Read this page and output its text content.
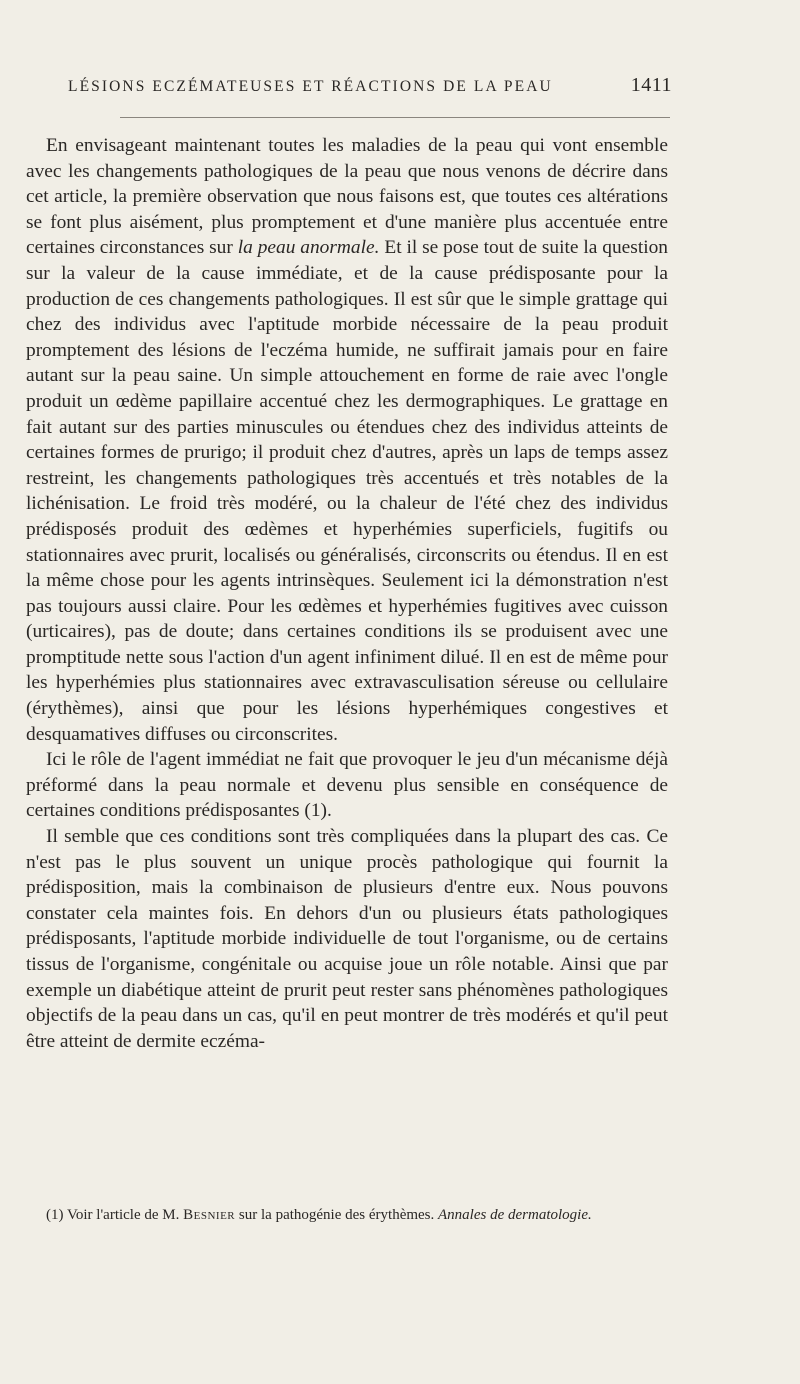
LÉSIONS ECZÉMATEUSES ET RÉACTIONS DE LA PEAU	1411

En envisageant maintenant toutes les maladies de la peau qui vont ensemble avec les changements pathologiques de la peau que nous venons de décrire dans cet article, la première observation que nous faisons est, que toutes ces altérations se font plus aisément, plus promptement et d'une manière plus accentuée entre certaines circonstances sur la peau anormale. Et il se pose tout de suite la question sur la valeur de la cause immédiate, et de la cause prédisposante pour la production de ces changements pathologiques. Il est sûr que le simple grattage qui chez des individus avec l'aptitude morbide nécessaire de la peau produit promptement des lésions de l'eczéma humide, ne suffirait jamais pour en faire autant sur la peau saine. Un simple attouchement en forme de raie avec l'ongle produit un œdème papillaire accentué chez les dermographiques. Le grattage en fait autant sur des parties minuscules ou étendues chez des individus atteints de certaines formes de prurigo; il produit chez d'autres, après un laps de temps assez restreint, les changements pathologiques très accentués et très notables de la lichénisation. Le froid très modéré, ou la chaleur de l'été chez des individus prédisposés produit des œdèmes et hyperhémies superficiels, fugitifs ou stationnaires avec prurit, localisés ou généralisés, circonscrits ou étendus. Il en est la même chose pour les agents intrinsèques. Seulement ici la démonstration n'est pas toujours aussi claire. Pour les œdèmes et hyperhémies fugitives avec cuisson (urticaires), pas de doute; dans certaines conditions ils se produisent avec une promptitude nette sous l'action d'un agent infiniment dilué. Il en est de même pour les hyperhémies plus stationnaires avec extravasculisation séreuse ou cellulaire (érythèmes), ainsi que pour les lésions hyperhémiques congestives et desquamatives diffuses ou circonscrites.

Ici le rôle de l'agent immédiat ne fait que provoquer le jeu d'un mécanisme déjà préformé dans la peau normale et devenu plus sensible en conséquence de certaines conditions prédisposantes (1).

Il semble que ces conditions sont très compliquées dans la plupart des cas. Ce n'est pas le plus souvent un unique procès pathologique qui fournit la prédisposition, mais la combinaison de plusieurs d'entre eux. Nous pouvons constater cela maintes fois. En dehors d'un ou plusieurs états pathologiques prédisposants, l'aptitude morbide individuelle de tout l'organisme, ou de certains tissus de l'organisme, congénitale ou acquise joue un rôle notable. Ainsi que par exemple un diabétique atteint de prurit peut rester sans phénomènes pathologiques objectifs de la peau dans un cas, qu'il en peut montrer de très modérés et qu'il peut être atteint de dermite eczéma-

(1) Voir l'article de M. Besnier sur la pathogénie des érythèmes. Annales de dermatologie.
